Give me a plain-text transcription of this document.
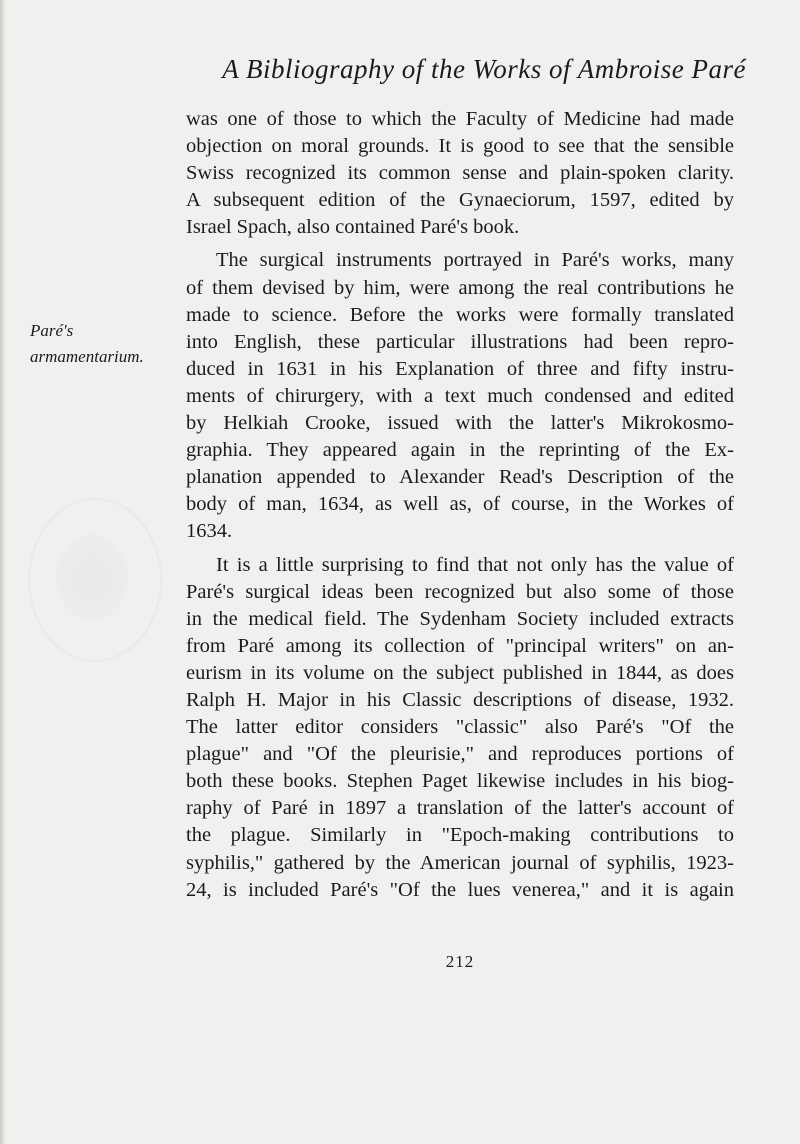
A Bibliography of the Works of Ambroise Paré
Paré's
armamentarium.
was one of those to which the Faculty of Medicine had made
objection on moral grounds. It is good to see that the sensible
Swiss recognized its common sense and plain-spoken clarity.
A subsequent edition of the Gynaeciorum, 1597, edited by
Israel Spach, also contained Paré's book.
The surgical instruments portrayed in Paré's works, many
of them devised by him, were among the real contributions he
made to science. Before the works were formally translated
into English, these particular illustrations had been repro-
duced in 1631 in his Explanation of three and fifty instru-
ments of chirurgery, with a text much condensed and edited
by Helkiah Crooke, issued with the latter's Mikrokosmo-
graphia. They appeared again in the reprinting of the Ex-
planation appended to Alexander Read's Description of the
body of man, 1634, as well as, of course, in the Workes of
1634.
It is a little surprising to find that not only has the value of
Paré's surgical ideas been recognized but also some of those
in the medical field. The Sydenham Society included extracts
from Paré among its collection of "principal writers" on an-
eurism in its volume on the subject published in 1844, as does
Ralph H. Major in his Classic descriptions of disease, 1932.
The latter editor considers "classic" also Paré's "Of the
plague" and "Of the pleurisie," and reproduces portions of
both these books. Stephen Paget likewise includes in his biog-
raphy of Paré in 1897 a translation of the latter's account of
the plague. Similarly in "Epoch-making contributions to
syphilis," gathered by the American journal of syphilis, 1923-
24, is included Paré's "Of the lues venerea," and it is again
212
